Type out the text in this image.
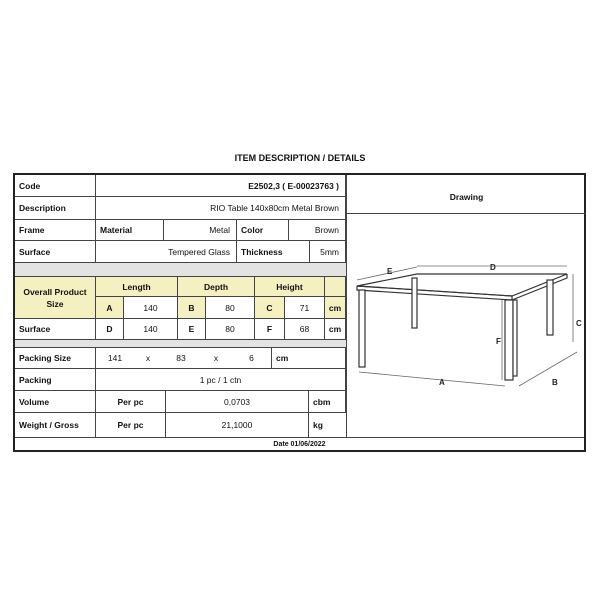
ITEM DESCRIPTION / DETAILS
Code	E2502,3 ( E-00023763 )
Description	RIO Table 140x80cm Metal Brown
Frame	Material	Metal	Color	Brown
Surface	Tempered Glass	Thickness	5mm
Overall Product Size
Length	Depth	Height
A	140	B	80	C	71	cm
Surface	D	140	E	80	F	68	cm
Packing Size	141	x	83	x	6	cm
Packing	1 pc / 1 ctn
Volume	Per pc	0,0703	cbm
Weight / Gross	Per pc	21,1000	kg
Drawing
D
E
F
A	B
C
Date 01/06/2022
